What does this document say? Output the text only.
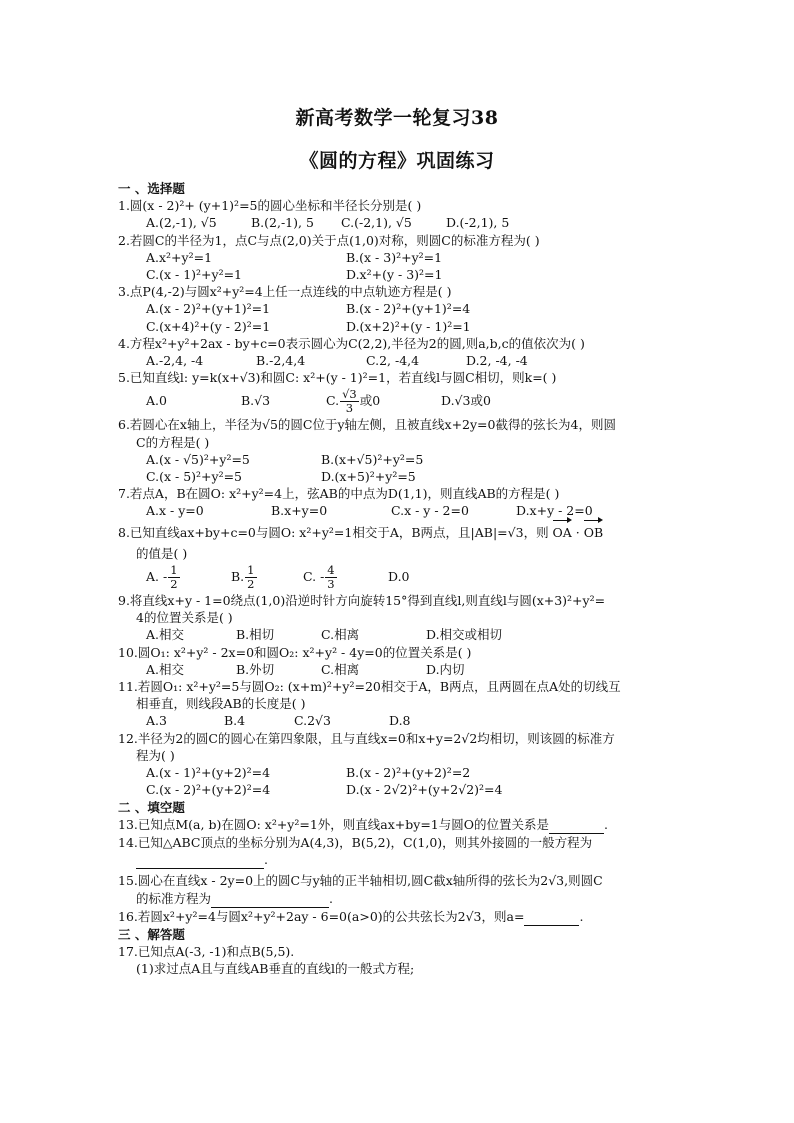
新高考数学一轮复习38
《圆的方程》巩固练习
一 、选择题
1.圆(x - 2)²+ (y+1)²=5的圆心坐标和半径长分别是( )
A.(2,-1), √5	B.(2,-1), 5	C.(-2,1), √5	D.(-2,1), 5
2.若圆C的半径为1，点C与点(2,0)关于点(1,0)对称，则圆C的标准方程为( )
A.x²+y²=1	B.(x - 3)²+y²=1
C.(x - 1)²+y²=1	D.x²+(y - 3)²=1
3.点P(4,-2)与圆x²+y²=4上任一点连线的中点轨迹方程是( )
A.(x - 2)²+(y+1)²=1	B.(x - 2)²+(y+1)²=4
C.(x+4)²+(y - 2)²=1	D.(x+2)²+(y - 1)²=1
4.方程x²+y²+2ax - by+c=0表示圆心为C(2,2),半径为2的圆,则a,b,c的值依次为( )
A.-2,4, -4	B.-2,4,4	C.2, -4,4	D.2, -4, -4
5.已知直线l: y=k(x+√3)和圆C: x²+(y - 1)²=1，若直线l与圆C相切，则k=( )
A.0	B.√3	C. $\frac{√3}{3}$ 或0	D.√3或0
6.若圆心在x轴上，半径为√5的圆C位于y轴左侧，且被直线x+2y=0截得的弦长为4，则圆
C的方程是( )
A.(x - √5)²+y²=5	B.(x+√5)²+y²=5
C.(x - 5)²+y²=5	D.(x+5)²+y²=5
7.若点A，B在圆O: x²+y²=4上，弦AB的中点为D(1,1)，则直线AB的方程是( )
A.x - y=0	B.x+y=0	C.x - y - 2=0	D.x+y - 2=0
8.已知直线ax+by+c=0与圆O: x²+y²=1相交于A，B两点，且|AB|=√3，则 OA · OB
的值是( )
A. - $\frac{1}{2}$	B. $\frac{1}{2}$	C. - $\frac{4}{3}$	D.0
9.将直线x+y - 1=0绕点(1,0)沿逆时针方向旋转15°得到直线l,则直线l与圆(x+3)²+y²=
4的位置关系是( )
A.相交	B.相切	C.相离	D.相交或相切
10.圆O₁: x²+y² - 2x=0和圆O₂: x²+y² - 4y=0的位置关系是( )
A.相交	B.外切	C.相离	D.内切
11.若圆O₁: x²+y²=5与圆O₂: (x+m)²+y²=20相交于A，B两点，且两圆在点A处的切线互
相垂直，则线段AB的长度是( )
A.3	B.4	C.2√3	D.8
12.半径为2的圆C的圆心在第四象限，且与直线x=0和x+y=2√2均相切，则该圆的标准方
程为( )
A.(x - 1)²+(y+2)²=4	B.(x - 2)²+(y+2)²=2
C.(x - 2)²+(y+2)²=4	D.(x - 2√2)²+(y+2√2)²=4
二 、填空题
13.已知点M(a, b)在圆O: x²+y²=1外，则直线ax+by=1与圆O的位置关系是	.
14.已知△ABC顶点的坐标分别为A(4,3)，B(5,2)，C(1,0)，则其外接圆的一般方程为
.
15.圆心在直线x - 2y=0上的圆C与y轴的正半轴相切,圆C截x轴所得的弦长为2√3,则圆C
的标准方程为	.
16.若圆x²+y²=4与圆x²+y²+2ay - 6=0(a>0)的公共弦长为2√3，则a=	.
三 、解答题
17.已知点A(-3, -1)和点B(5,5).
(1)求过点A且与直线AB垂直的直线l的一般式方程;
